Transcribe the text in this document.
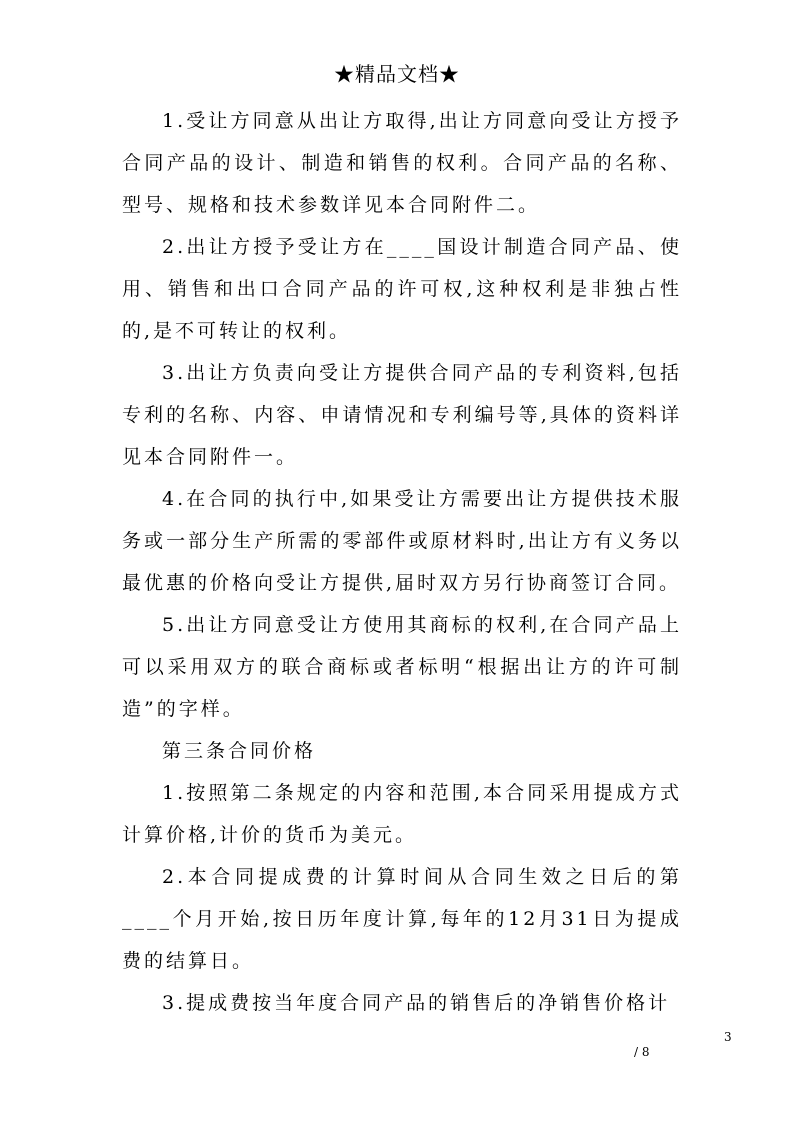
★精品文档★

1.受让方同意从出让方取得,出让方同意向受让方授予合同产品的设计、制造和销售的权利。合同产品的名称、型号、规格和技术参数详见本合同附件二。

2.出让方授予受让方在____国设计制造合同产品、使用、销售和出口合同产品的许可权,这种权利是非独占性的,是不可转让的权利。

3.出让方负责向受让方提供合同产品的专利资料,包括专利的名称、内容、申请情况和专利编号等,具体的资料详见本合同附件一。

4.在合同的执行中,如果受让方需要出让方提供技术服务或一部分生产所需的零部件或原材料时,出让方有义务以最优惠的价格向受让方提供,届时双方另行协商签订合同。

5.出让方同意受让方使用其商标的权利,在合同产品上可以采用双方的联合商标或者标明“根据出让方的许可制造”的字样。

第三条合同价格

1.按照第二条规定的内容和范围,本合同采用提成方式计算价格,计价的货币为美元。

2.本合同提成费的计算时间从合同生效之日后的第____个月开始,按日历年度计算,每年的12月31日为提成费的结算日。

3.提成费按当年度合同产品的销售后的净销售价格计

3
/ 8
